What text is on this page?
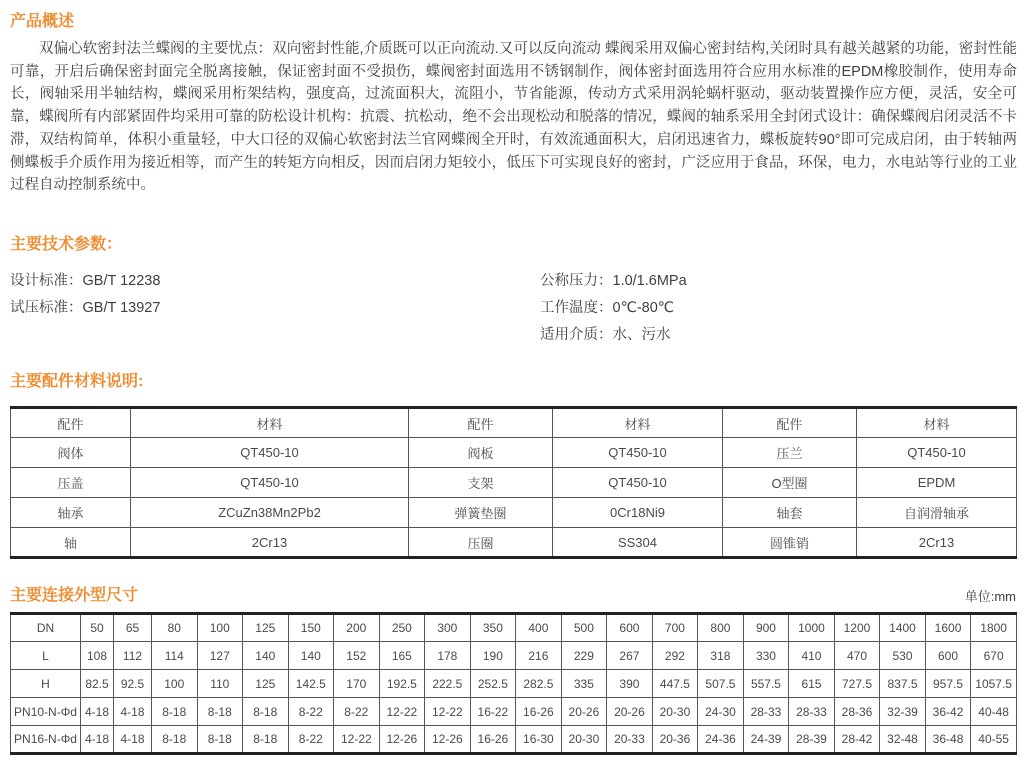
产品概述

双偏心软密封法兰蝶阀的主要忧点：双向密封性能,介质既可以正向流动.又可以反向流动 蝶阀采用双偏心密封结构,关闭时具有越关越紧的功能，密封性能可靠，开启后确保密封面完全脱离接触，保证密封面不受损伤，蝶阀密封面选用不锈钢制作，阀体密封面选用符合应用水标准的EPDM橡胶制作，使用寿命长，阀轴采用半轴结构，蝶阀采用桁架结构，强度高，过流面积大，流阻小，节省能源，传动方式采用涡轮蜗杆驱动，驱动装置操作应方便，灵活，安全可靠，蝶阀所有内部紧固件均采用可靠的防松设计机构：抗震、抗松动，绝不会出现松动和脱落的情况，蝶阀的轴系采用全封闭式设计：确保蝶阀启闭灵活不卡滞，双结构简单，体积小重量轻，中大口径的双偏心软密封法兰官网蝶阀全开时，有效流通面积大，启闭迅速省力，蝶板旋转90°即可完成启闭，由于转轴两侧蝶板手介质作用为接近相等，而产生的转矩方向相反，因而启闭力矩较小，低压下可实现良好的密封，广泛应用于食品，环保，电力，水电站等行业的工业过程自动控制系统中。

主要技术参数：
设计标准：GB/T 12238
试压标准：GB/T 13927
公称压力：1.0/1.6MPa
工作温度：0℃-80℃
适用介质：水、污水
主要配件材料说明:
配件	材料	配件	材料	配件	材料
阀体	QT450-10	阀板	QT450-10	压兰	QT450-10
压盖	QT450-10	支架	QT450-10	O型圈	EPDM
轴承	ZCuZn38Mn2Pb2	弹簧垫圈	0Cr18Ni9	轴套	自润滑轴承
轴	2Cr13	压圈	SS304	圆锥销	2Cr13
主要连接外型尺寸	单位:mm
DN	50	65	80	100	125	150	200	250	300	350	400	500	600	700	800	900	1000	1200	1400	1600	1800
L	108	112	114	127	140	140	152	165	178	190	216	229	267	292	318	330	410	470	530	600	670
H	82.5	92.5	100	110	125	142.5	170	192.5	222.5	252.5	282.5	335	390	447.5	507.5	557.5	615	727.5	837.5	957.5	1057.5
PN10-N-Φd	4-18	4-18	8-18	8-18	8-18	8-22	8-22	12-22	12-22	16-22	16-26	20-26	20-26	20-30	24-30	28-33	28-33	28-36	32-39	36-42	40-48
PN16-N-Φd	4-18	4-18	8-18	8-18	8-18	8-22	12-22	12-26	12-26	16-26	16-30	20-30	20-33	20-36	24-36	24-39	28-39	28-42	32-48	36-48	40-55
